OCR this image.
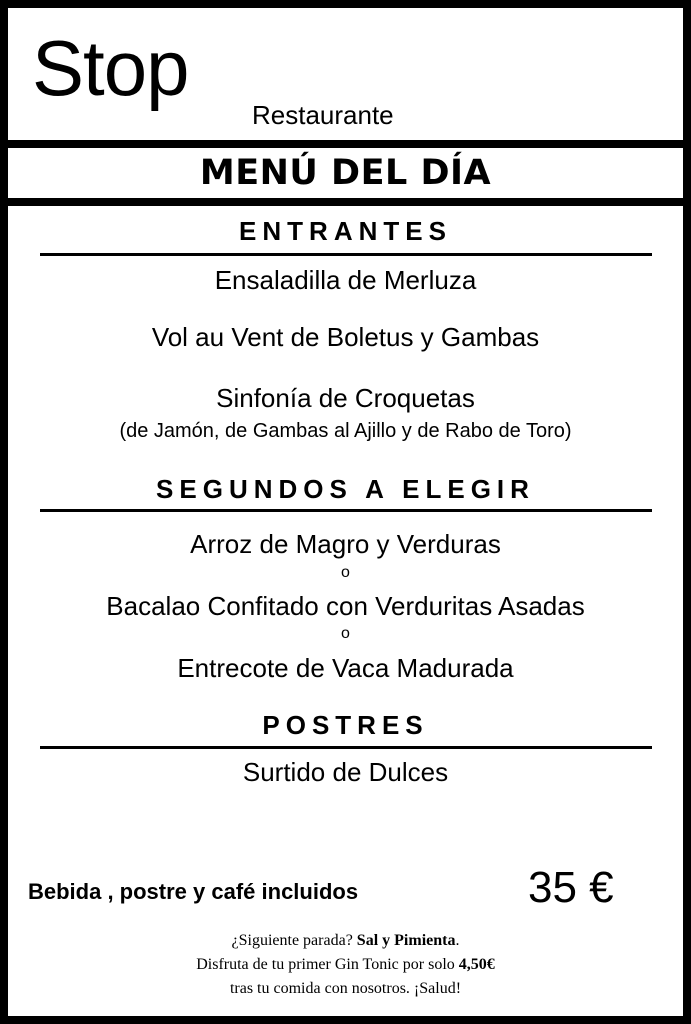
Stop
Restaurante
MENÚ DEL DÍA
ENTRANTES
Ensaladilla de Merluza
Vol au Vent de Boletus y Gambas
Sinfonía de Croquetas
(de Jamón, de Gambas al Ajillo y de Rabo de Toro)
SEGUNDOS A ELEGIR
Arroz de Magro y Verduras
o
Bacalao Confitado con Verduritas Asadas
o
Entrecote de Vaca Madurada
POSTRES
Surtido de Dulces
Bebida , postre y café incluidos	35 €
¿Siguiente parada? Sal y Pimienta.
Disfruta de tu primer Gin Tonic por solo 4,50€
tras tu comida con nosotros. ¡Salud!
